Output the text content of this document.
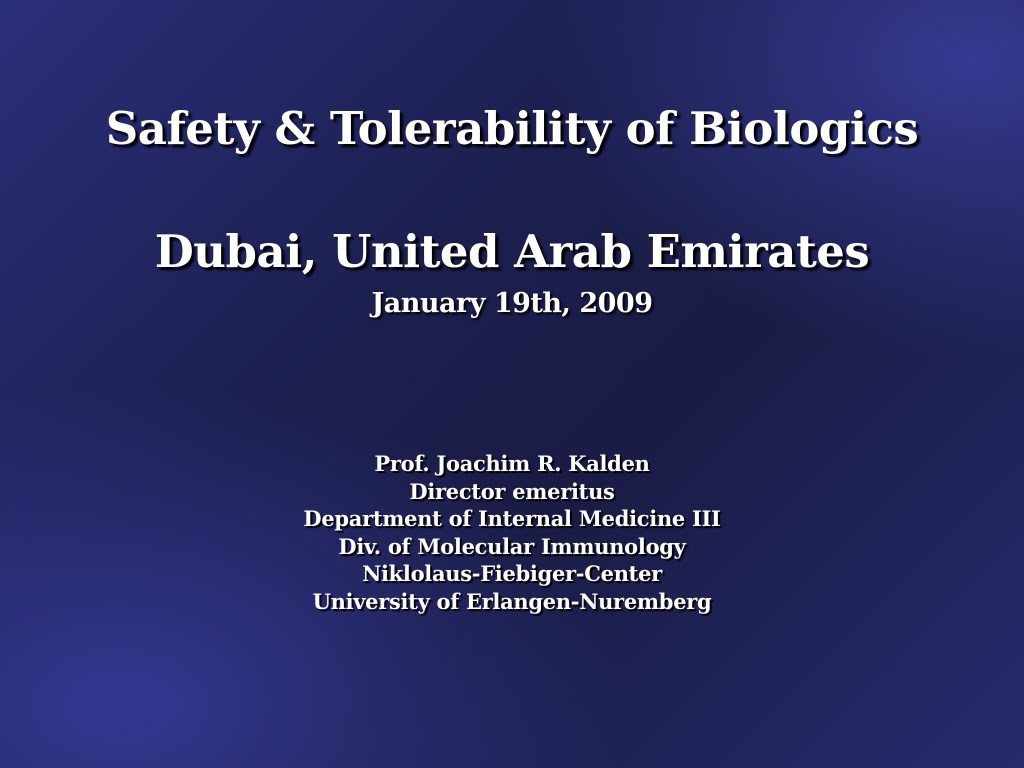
Safety & Tolerability of Biologics
Dubai, United Arab Emirates

January 19th, 2009

Prof. Joachim R. Kalden
Director emeritus
Department of Internal Medicine III
Div. of Molecular Immunology
Niklolaus-Fiebiger-Center
University of Erlangen-Nuremberg
